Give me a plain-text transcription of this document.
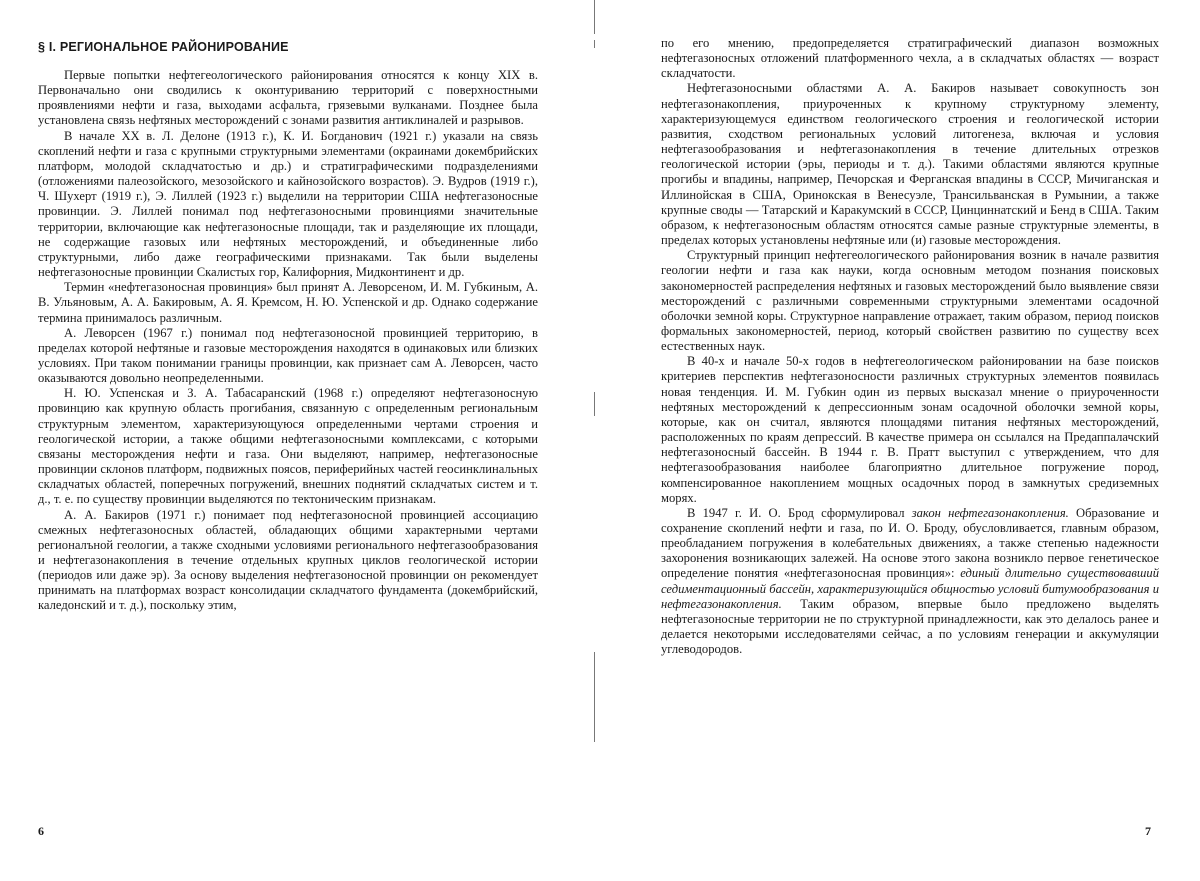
§ I. РЕГИОНАЛЬНОЕ РАЙОНИРОВАНИЕ

Первые попытки нефтегеологического районирования относятся к концу XIX в. Первоначально они сводились к оконтуриванию территорий с поверхностными проявлениями нефти и газа, выходами асфальта, грязевыми вулканами. Позднее была установлена связь нефтяных месторождений с зонами развития антиклиналей и разрывов.

В начале XX в. Л. Делоне (1913 г.), К. И. Богданович (1921 г.) указали на связь скоплений нефти и газа с крупными структурными элементами (окраинами докембрийских платформ, молодой складчатостью и др.) и стратиграфическими подразделениями (отложениями палеозойского, мезозойского и кайнозойского возрастов). Э. Вудров (1919 г.), Ч. Шухерт (1919 г.), Э. Лиллей (1923 г.) выделили на территории США нефтегазоносные провинции. Э. Лиллей понимал под нефтегазоносными провинциями значительные территории, включающие как нефтегазоносные площади, так и разделяющие их площади, не содержащие газовых или нефтяных месторождений, и объединенные либо структурными, либо даже географическими признаками. Так были выделены нефтегазоносные провинции Скалистых гор, Калифорния, Мидконтинент и др.

Термин «нефтегазоносная провинция» был принят А. Леворсеном, И. М. Губкиным, А. В. Ульяновым, А. А. Бакировым, А. Я. Кремсом, Н. Ю. Успенской и др. Однако содержание термина принималось различным.

А. Леворсен (1967 г.) понимал под нефтегазоносной провинцией территорию, в пределах которой нефтяные и газовые месторождения находятся в одинаковых или близких условиях. При таком понимании границы провинции, как признает сам А. Леворсен, часто оказываются довольно неопределенными.

Н. Ю. Успенская и З. А. Табасаранский (1968 г.) определяют нефтегазоносную провинцию как крупную область прогибания, связанную с определенным региональным структурным элементом, характеризующуюся определенными чертами строения и геологической истории, а также общими нефтегазоносными комплексами, с которыми связаны месторождения нефти и газа. Они выделяют, например, нефтегазоносные провинции склонов платформ, подвижных поясов, периферийных частей геосинклинальных складчатых областей, поперечных погружений, внешних поднятий складчатых систем и т. д., т. е. по существу провинции выделяются по тектоническим признакам.

А. А. Бакиров (1971 г.) понимает под нефтегазоносной провинцией ассоциацию смежных нефтегазоносных областей, обладающих общими характерными чертами регионалъной геологии, а также сходными условиями регионального нефтегазообразования и нефтегазонакопления в течение отдельных крупных циклов геологической истории (периодов или даже эр). За основу выделения нефтегазоносной провинции он рекомендует принимать на платформах возраст консолидации складчатого фундамента (докембрийский, каледонский и т. д.), поскольку этим,

6

по его мнению, предопределяется стратиграфический диапазон возможных нефтегазоносных отложений платформенного чехла, а в складчатых областях — возраст складчатости.

Нефтегазоносными областями А. А. Бакиров называет совокупность зон нефтегазонакопления, приуроченных к крупному структурному элементу, характеризующемуся единством геологического строения и геологической истории развития, сходством региональных условий литогенеза, включая и условия нефтегазообразования и нефтегазонакопления в течение длительных отрезков геологической истории (эры, периоды и т. д.). Такими областями являются крупные прогибы и впадины, например, Печорская и Ферганская впадины в СССР, Мичиганская и Иллинойская в США, Оринокская в Венесуэле, Трансильванская в Румынии, а также крупные своды — Татарский и Каракумский в СССР, Цинциннатский и Бенд в США. Таким образом, к нефтегазоносным областям относятся самые разные структурные элементы, в пределах которых установлены нефтяные или (и) газовые месторождения.

Структурный принцип нефтегеологического районирования возник в начале развития геологии нефти и газа как науки, когда основным методом познания поисковых закономерностей распределения нефтяных и газовых месторождений было выявление связи месторождений с различными современными структурными элементами осадочной оболочки земной коры. Структурное направление отражает, таким образом, период поисков формальных закономерностей, период, который свойствен развитию по существу всех естественных наук.

В 40-х и начале 50-х годов в нефтегеологическом районировании на базе поисков критериев перспектив нефтегазоносности различных структурных элементов появилась новая тенденция. И. М. Губкин один из первых высказал мнение о приуроченности нефтяных месторождений к депрессионным зонам осадочной оболочки земной коры, которые, как он считал, являются площадями питания нефтяных месторождений, расположенных по краям депрессий. В качестве примера он ссылался на Предаппалачский нефтегазоносный бассейн. В 1944 г. В. Пратт выступил с утверждением, что для нефтегазообразования наиболее благоприятно длительное погружение пород, компенсированное накоплением мощных осадочных пород в замкнутых средиземных морях.

В 1947 г. И. О. Брод сформулировал закон нефтегазонакопления. Образование и сохранение скоплений нефти и газа, по И. О. Броду, обусловливается, главным образом, преобладанием погружения в колебательных движениях, а также степенью надежности захоронения возникающих залежей. На основе этого закона возникло первое генетическое определение понятия «нефтегазоносная провинция»: единый длительно существовавший седиментационный бассейн, характеризующийся общностью условий битумообразования и нефтегазонакопления. Таким образом, впервые было предложено выделять нефтегазоносные территории не по структурной принадлежности, как это делалось ранее и делается некоторыми исследователями сейчас, а по условиям генерации и аккумуляции углеводородов.

7
